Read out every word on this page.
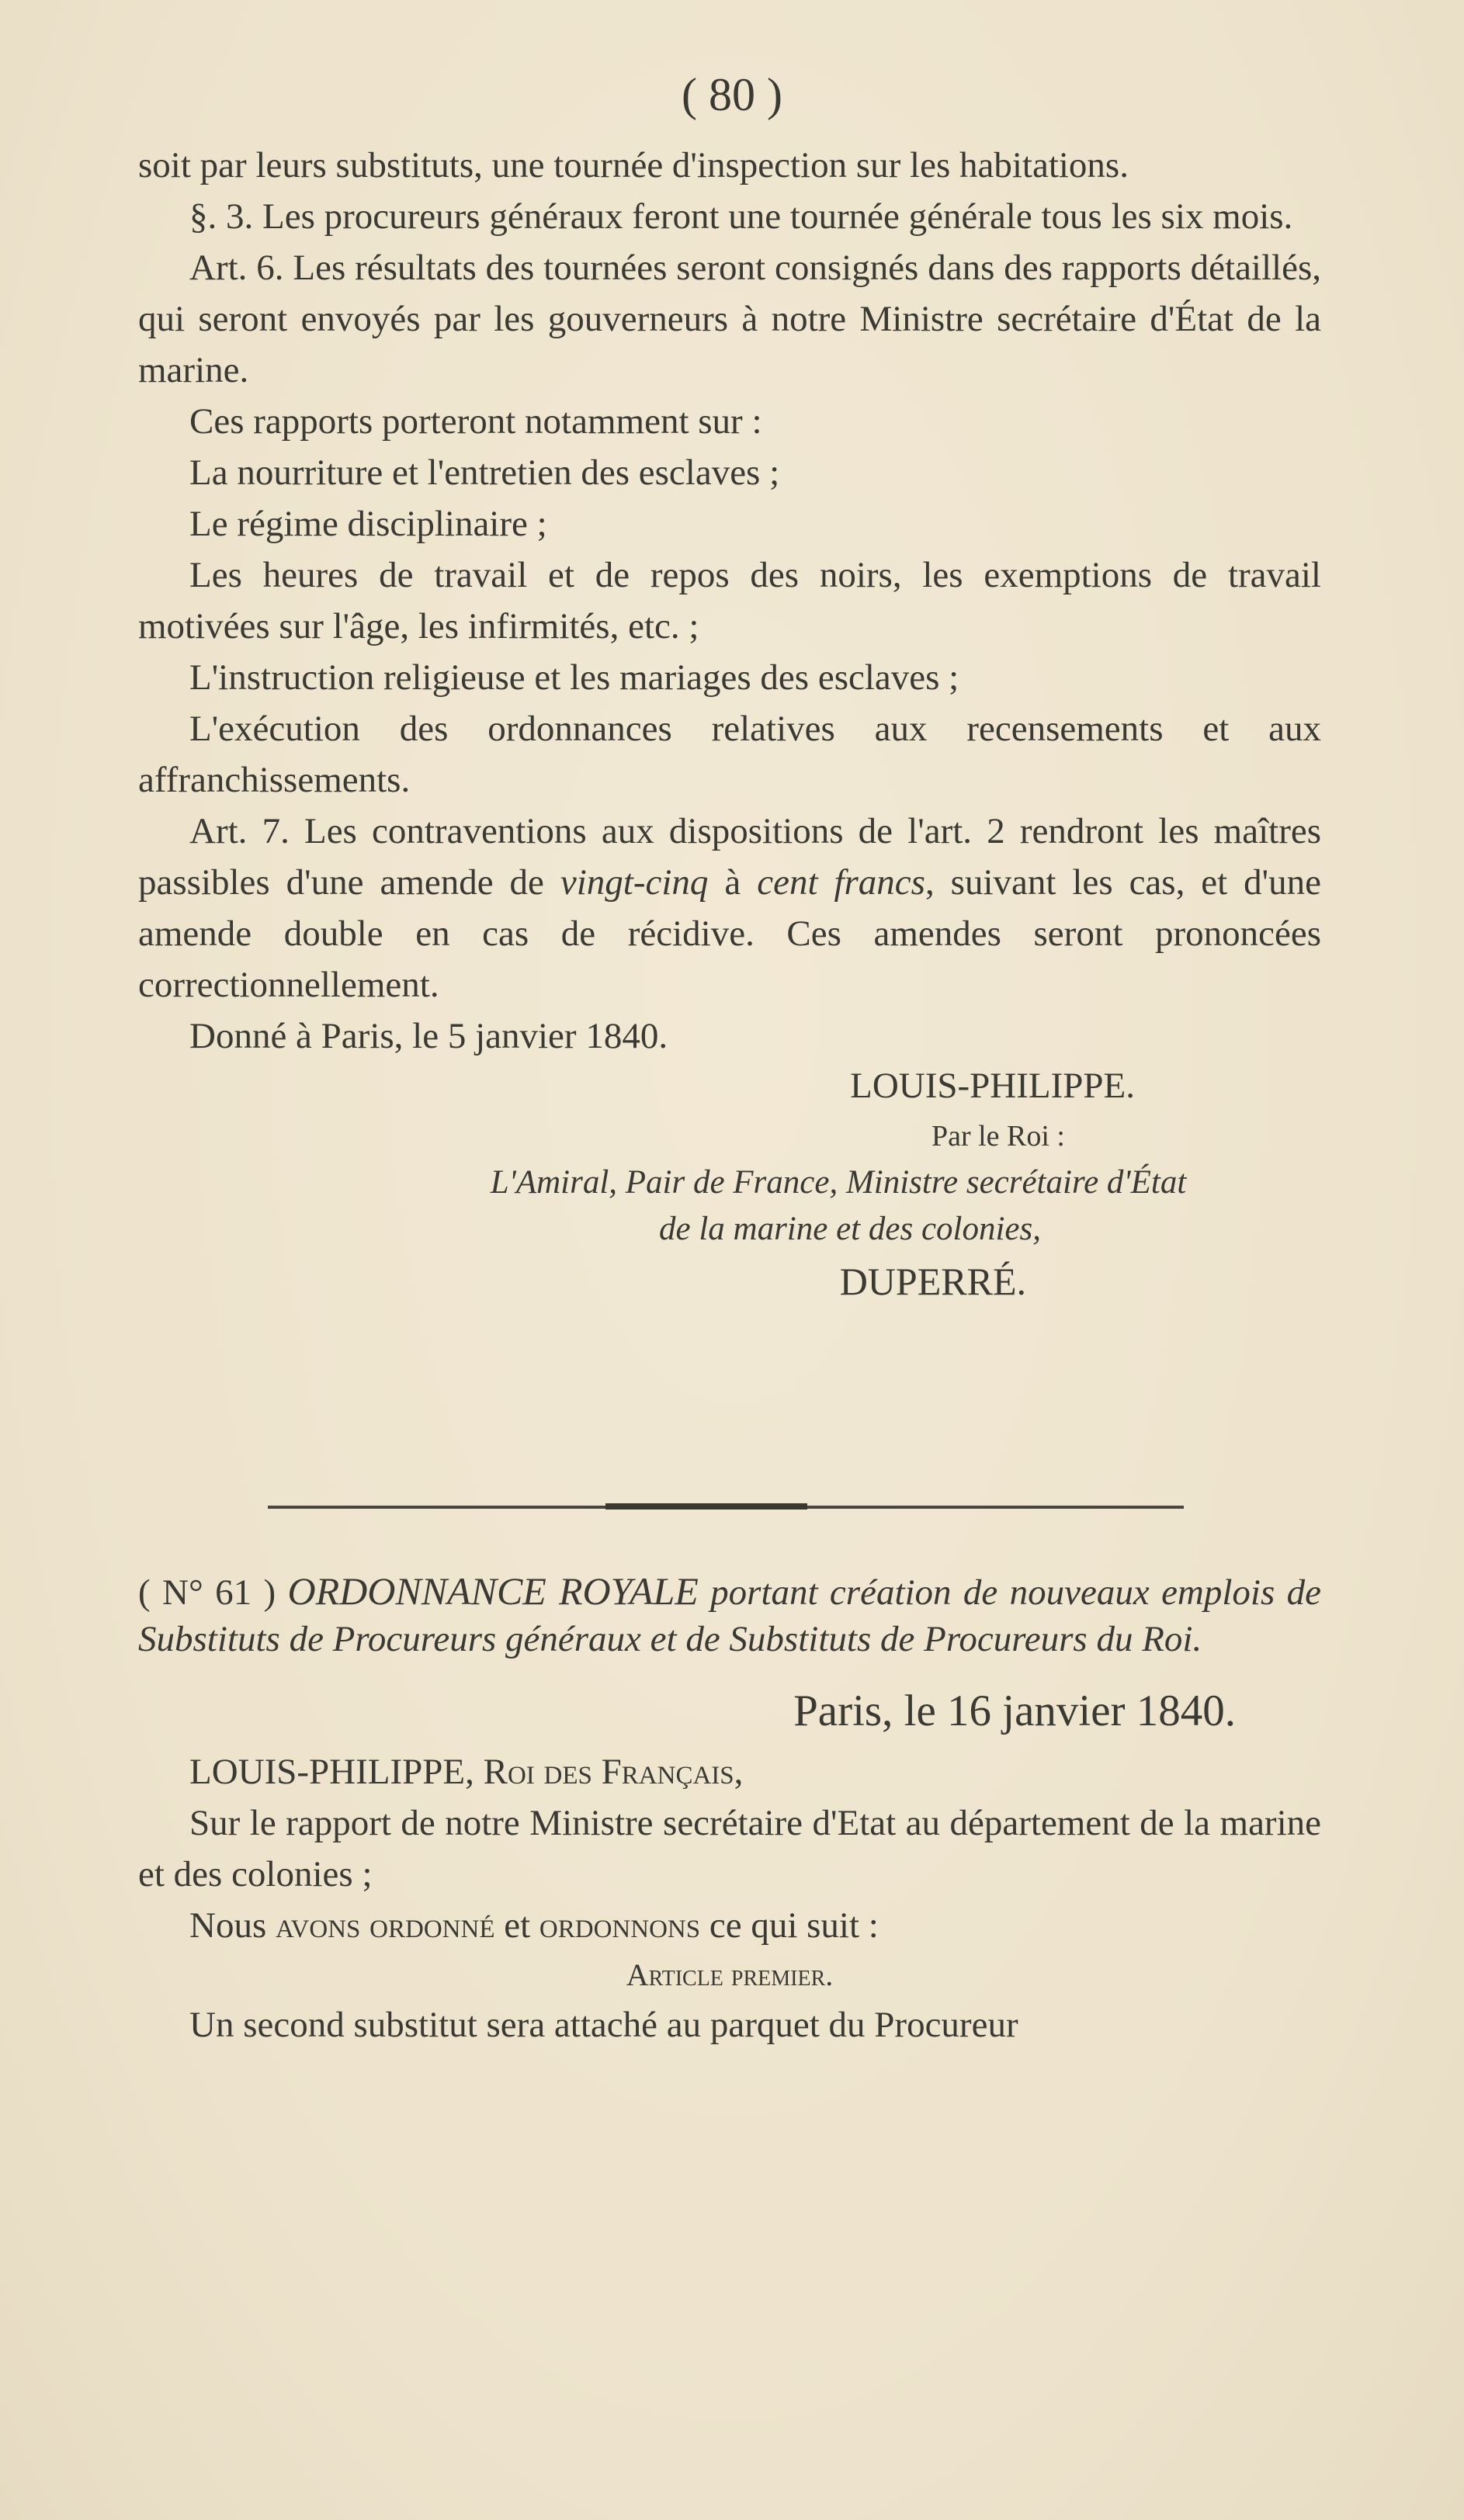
( 80 )

soit par leurs substituts, une tournée d'inspection sur les habitations.

§. 3. Les procureurs généraux feront une tournée générale tous les six mois.

Art. 6. Les résultats des tournées seront consignés dans des rapports détaillés, qui seront envoyés par les gouverneurs à notre Ministre secrétaire d'État de la marine.

Ces rapports porteront notamment sur :

La nourriture et l'entretien des esclaves ;

Le régime disciplinaire ;

Les heures de travail et de repos des noirs, les exemptions de travail motivées sur l'âge, les infirmités, etc. ;

L'instruction religieuse et les mariages des esclaves ;

L'exécution des ordonnances relatives aux recensements et aux affranchissements.

Art. 7. Les contraventions aux dispositions de l'art. 2 rendront les maîtres passibles d'une amende de vingt-cinq à cent francs, suivant les cas, et d'une amende double en cas de récidive. Ces amendes seront prononcées correctionnellement.

Donné à Paris, le 5 janvier 1840.

LOUIS-PHILIPPE.
Par le Roi :
L'Amiral, Pair de France, Ministre secrétaire d'État
de la marine et des colonies,
DUPERRÉ.

( N° 61 ) ORDONNANCE ROYALE portant création de nouveaux emplois de Substituts de Procureurs généraux et de Substituts de Procureurs du Roi.

Paris, le 16 janvier 1840.

LOUIS-PHILIPPE, Roi des Français,

Sur le rapport de notre Ministre secrétaire d'Etat au département de la marine et des colonies ;

Nous avons ordonné et ordonnons ce qui suit :

Article premier.

Un second substitut sera attaché au parquet du Procureur
